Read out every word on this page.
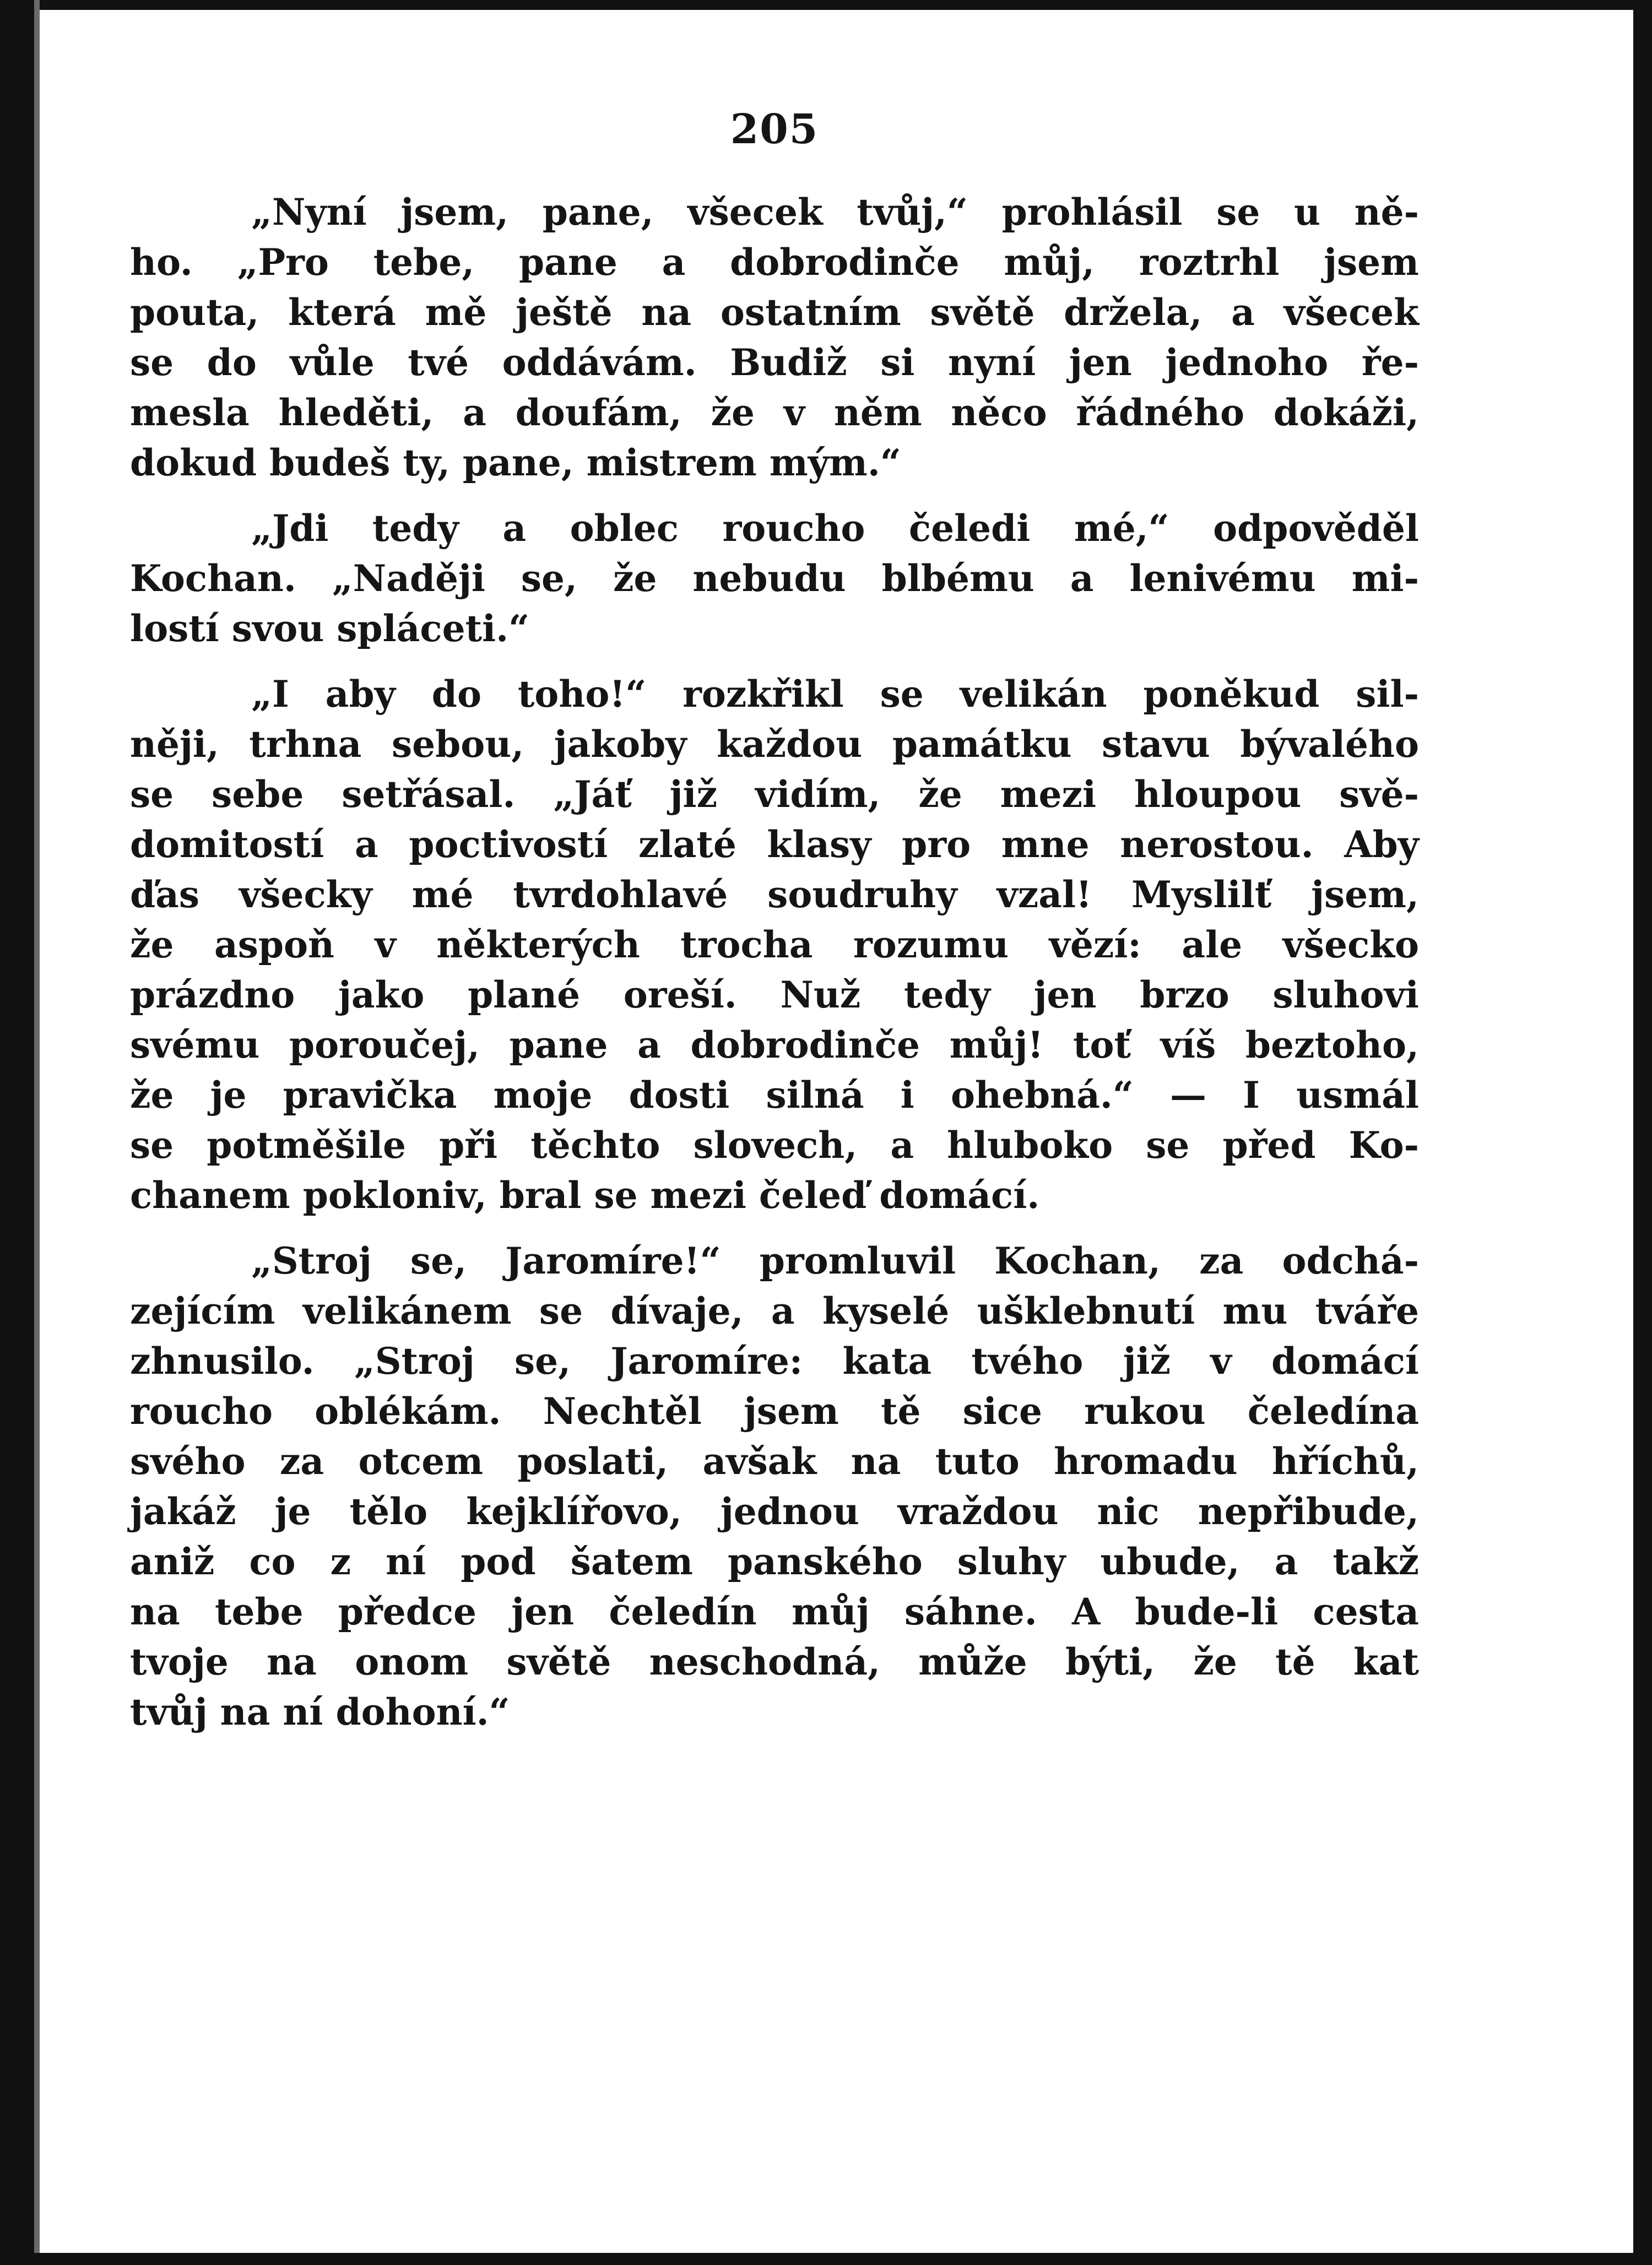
205
„Nyní jsem, pane, všecek tvůj,“ prohlásil se u ně-
ho. „Pro tebe, pane a dobrodinče můj, roztrhl jsem
pouta, která mě ještě na ostatním světě držela, a všecek
se do vůle tvé oddávám. Budiž si nyní jen jednoho ře-
mesla hleděti, a doufám, že v něm něco řádného dokáži,
dokud budeš ty, pane, mistrem mým.“
„Jdi tedy a oblec roucho čeledi mé,“ odpověděl
Kochan. „Naději se, že nebudu blbému a lenivému mi-
lostí svou spláceti.“
„I aby do toho!“ rozkřikl se velikán poněkud sil-
něji, trhna sebou, jakoby každou památku stavu bývalého
se sebe setřásal. „Jáť již vidím, že mezi hloupou svě-
domitostí a poctivostí zlaté klasy pro mne nerostou. Aby
ďas všecky mé tvrdohlavé soudruhy vzal! Myslilť jsem,
že aspoň v některých trocha rozumu vězí: ale všecko
prázdno jako plané oreší. Nuž tedy jen brzo sluhovi
svému poroučej, pane a dobrodinče můj! toť víš beztoho,
že je pravička moje dosti silná i ohebná.“ — I usmál
se potměšile při těchto slovech, a hluboko se před Ko-
chanem pokloniv, bral se mezi čeleď domácí.
„Stroj se, Jaromíre!“ promluvil Kochan, za odchá-
zejícím velikánem se dívaje, a kyselé ušklebnutí mu tváře
zhnusilo. „Stroj se, Jaromíre: kata tvého již v domácí
roucho oblékám. Nechtěl jsem tě sice rukou čeledína
svého za otcem poslati, avšak na tuto hromadu hříchů,
jakáž je tělo kejklířovo, jednou vraždou nic nepřibude,
aniž co z ní pod šatem panského sluhy ubude, a takž
na tebe předce jen čeledín můj sáhne. A bude-li cesta
tvoje na onom světě neschodná, může býti, že tě kat
tvůj na ní dohoní.“
